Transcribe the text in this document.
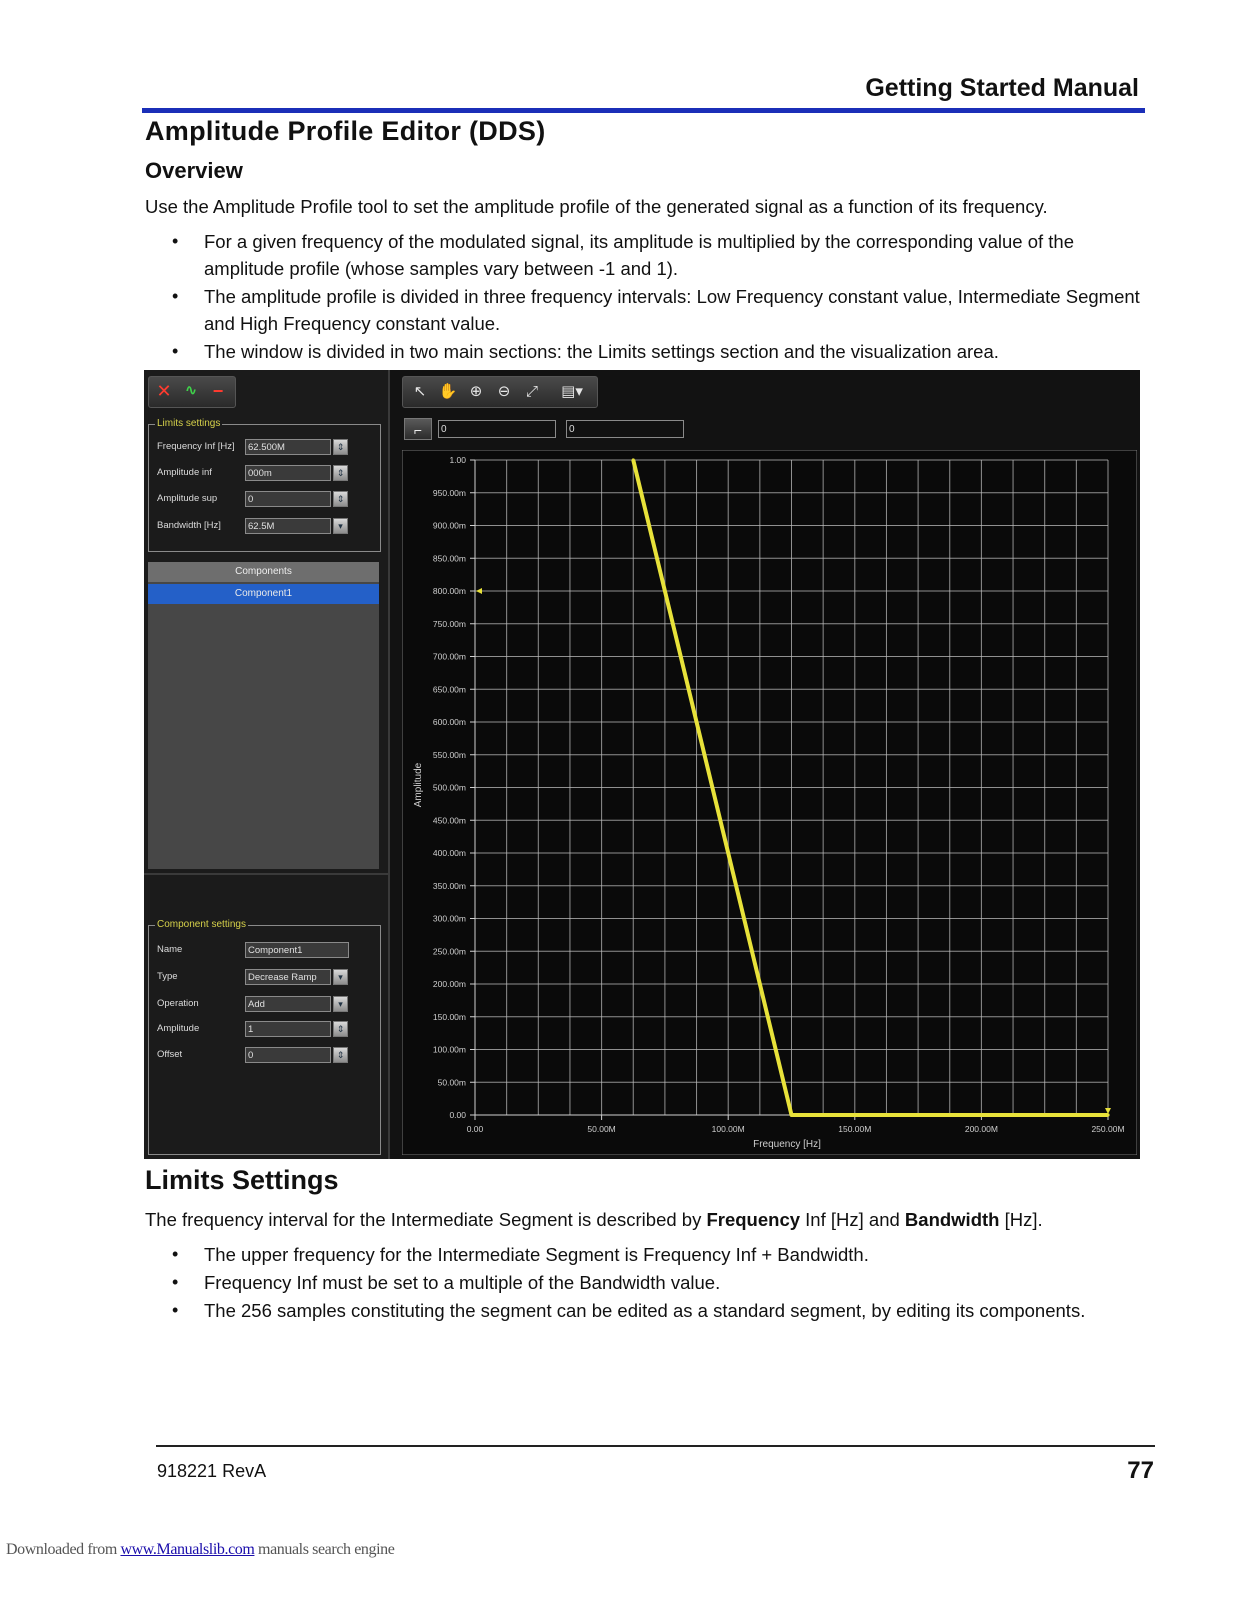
Getting Started Manual
Amplitude Profile Editor (DDS)
Overview

Use the Amplitude Profile tool to set the amplitude profile of the generated signal as a function of its frequency.

• For a given frequency of the modulated signal, its amplitude is multiplied by the corresponding value of the amplitude profile (whose samples vary between -1 and 1).
• The amplitude profile is divided in three frequency intervals: Low Frequency constant value, Intermediate Segment and High Frequency constant value.
• The window is divided in two main sections: the Limits settings section and the visualization area.
✕ ∿ −
Limits settings
Frequency Inf [Hz]	62.500M	⇕
Amplitude inf	000m	⇕
Amplitude sup	0	⇕
Bandwidth [Hz]	62.5M	▾
Components
Component1
Component settings
Name	Component1
Type	Decrease Ramp	▾
Operation	Add	▾
Amplitude	1	⇕
Offset	0	⇕
↖ ✋ ⊕	⊖	⤢	▤▾
⌐	0	0
0.00
50.00m
100.00m
150.00m
200.00m
250.00m
300.00m
350.00m
400.00m
450.00m
500.00m
550.00m
600.00m
650.00m
700.00m
750.00m
800.00m
850.00m
900.00m
950.00m
1.00
0.00	50.00M	100.00M	150.00M	200.00M	250.00M
Frequency [Hz]
Amplitude
Limits Settings

The frequency interval for the Intermediate Segment is described by Frequency Inf [Hz] and Bandwidth [Hz].

• The upper frequency for the Intermediate Segment is Frequency Inf + Bandwidth.
• Frequency Inf must be set to a multiple of the Bandwidth value.
• The 256 samples constituting the segment can be edited as a standard segment, by editing its components.
918221 RevA	77
Downloaded from www.Manualslib.com manuals search engine
